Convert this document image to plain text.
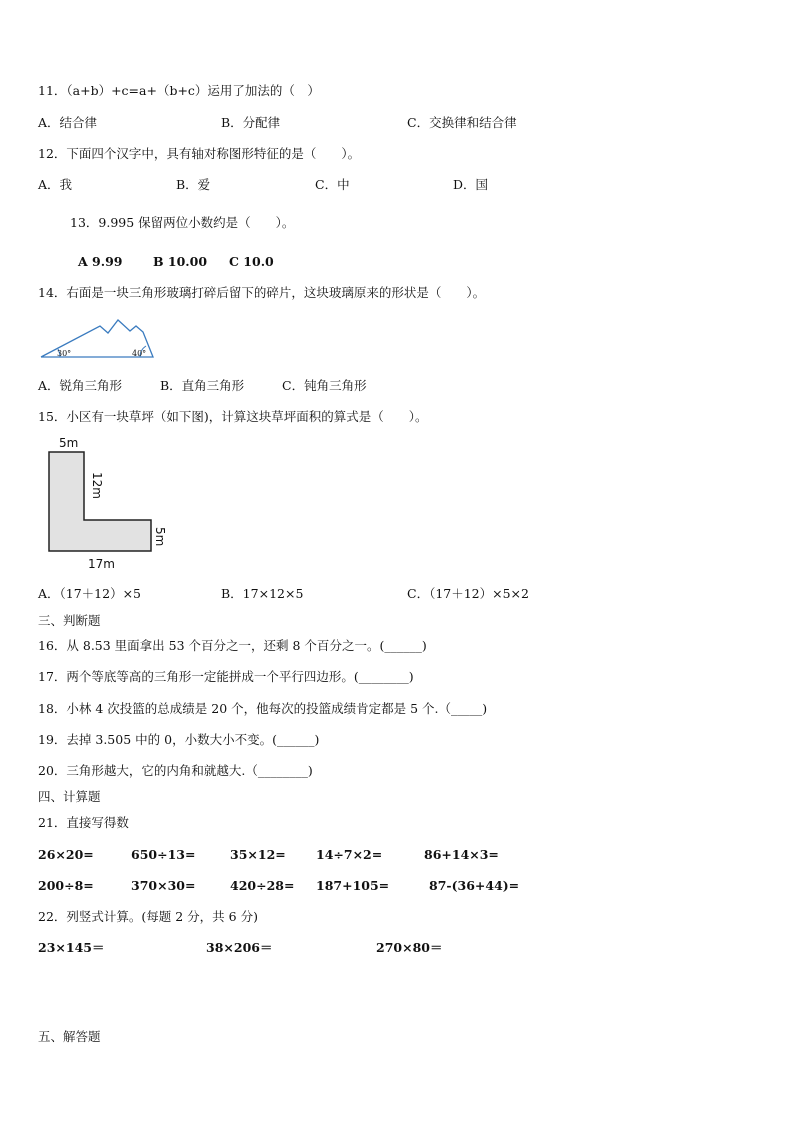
11．（a+b）+c=a+（b+c）运用了加法的（　）
A．结合律	B．分配律	C．交换律和结合律
12．下面四个汉字中，具有轴对称图形特征的是（　　）。
A．我	B．爱	C．中	D．国
13．9.995 保留两位小数约是（　　）。
A 9.99 B 10.00 C 10.0
14．右面是一块三角形玻璃打碎后留下的碎片，这块玻璃原来的形状是（　　）。
30°	40°
A．锐角三角形	B．直角三角形	C．钝角三角形
15．小区有一块草坪（如下图)，计算这块草坪面积的算式是（　　）。
5m
12m
5m
17m
A．（17＋12）×5	B．17×12×5	C．（17＋12）×5×2
三、判断题
16．从 8.53 里面拿出 53 个百分之一，还剩 8 个百分之一。(______)
17．两个等底等高的三角形一定能拼成一个平行四边形。(________)
18．小林 4 次投篮的总成绩是 20 个，他每次的投篮成绩肯定都是 5 个.（_____)
19．去掉 3.505 中的 0，小数大小不变。(______)
20．三角形越大，它的内角和就越大.（________)
四、计算题
21．直接写得数
26×20=	650÷13=	35×12= 14÷7×2=	86+14×3=
200÷8=	370×30=	420÷28= 187+105=	87-(36+44)=
22．列竖式计算。(每题 2 分，共 6 分)
23×145＝	38×206＝	270×80＝
五、解答题
